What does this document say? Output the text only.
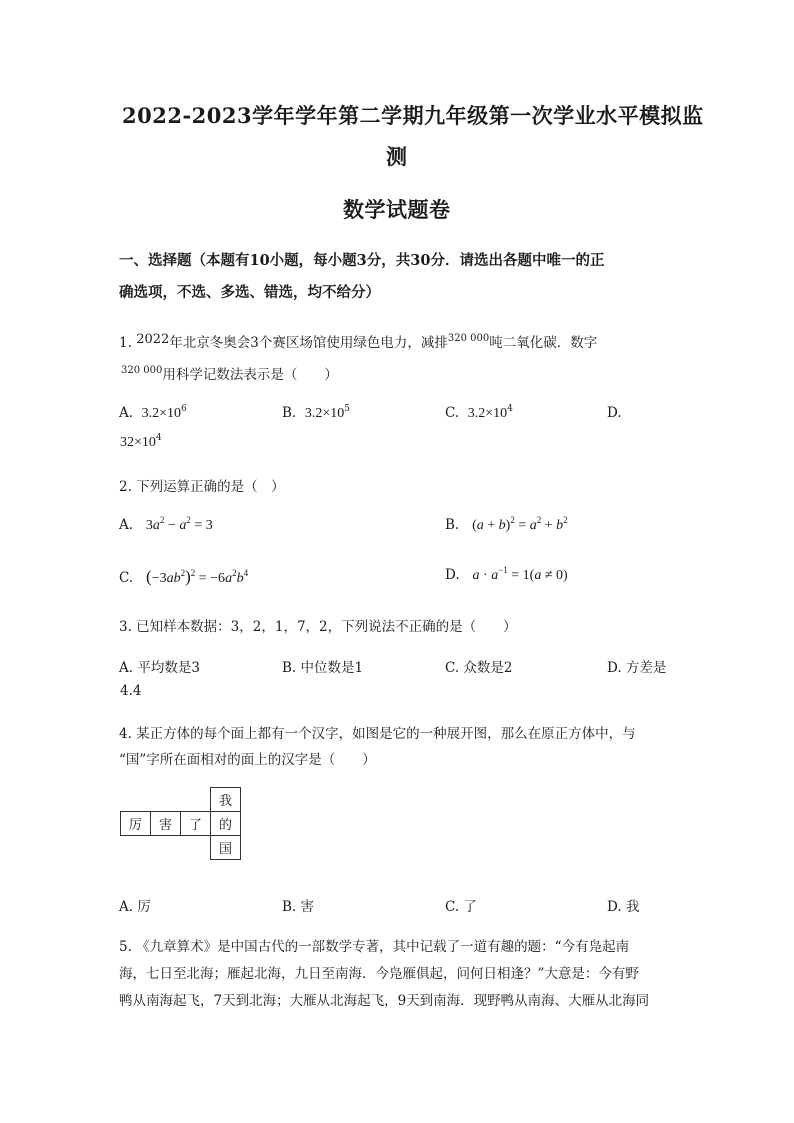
2022-2023学年学年第二学期九年级第一次学业水平模拟监
测
数学试题卷
一、选择题（本题有10小题，每小题3分，共30分．请选出各题中唯一的正
确选项，不选、多选、错选，均不给分）
1. 2022年北京冬奥会3个赛区场馆使用绿色电力，减排$^{320 000}$吨二氧化碳．数字
$^{320 000}$用科学记数法表示是（　　）
A. $3.2\times 10^6$	B. $3.2\times 10^5$	C. $3.2\times 10^4$	D.
$32\times 10^4$
2. 下列运算正确的是（　）
A. $3a^2 - a^2 = 3$	B. $(a + b)^2 = a^2 + b^2$
C. $(-3ab^2)^2 = -6a^2b^4$	D. $a \cdot a^{-1} = 1(a \ne 0)$
3. 已知样本数据：3，2，1，7，2，下列说法不正确的是（　　）
A. 平均数是3	B. 中位数是1	C. 众数是2	D. 方差是
4.4
4. 某正方体的每个面上都有一个汉字，如图是它的一种展开图，那么在原正方体中，与
“国”字所在面相对的面上的汉字是（　　）
			我
厉	害	了	的
			国
A. 厉	B. 害	C. 了	D. 我
5. 《九章算术》是中国古代的一部数学专著，其中记载了一道有趣的题：“今有凫起南
海，七日至北海；雁起北海，九日至南海．今凫雁俱起，问何日相逢？”大意是：今有野
鸭从南海起飞，7天到北海；大雁从北海起飞，9天到南海．现野鸭从南海、大雁从北海同
